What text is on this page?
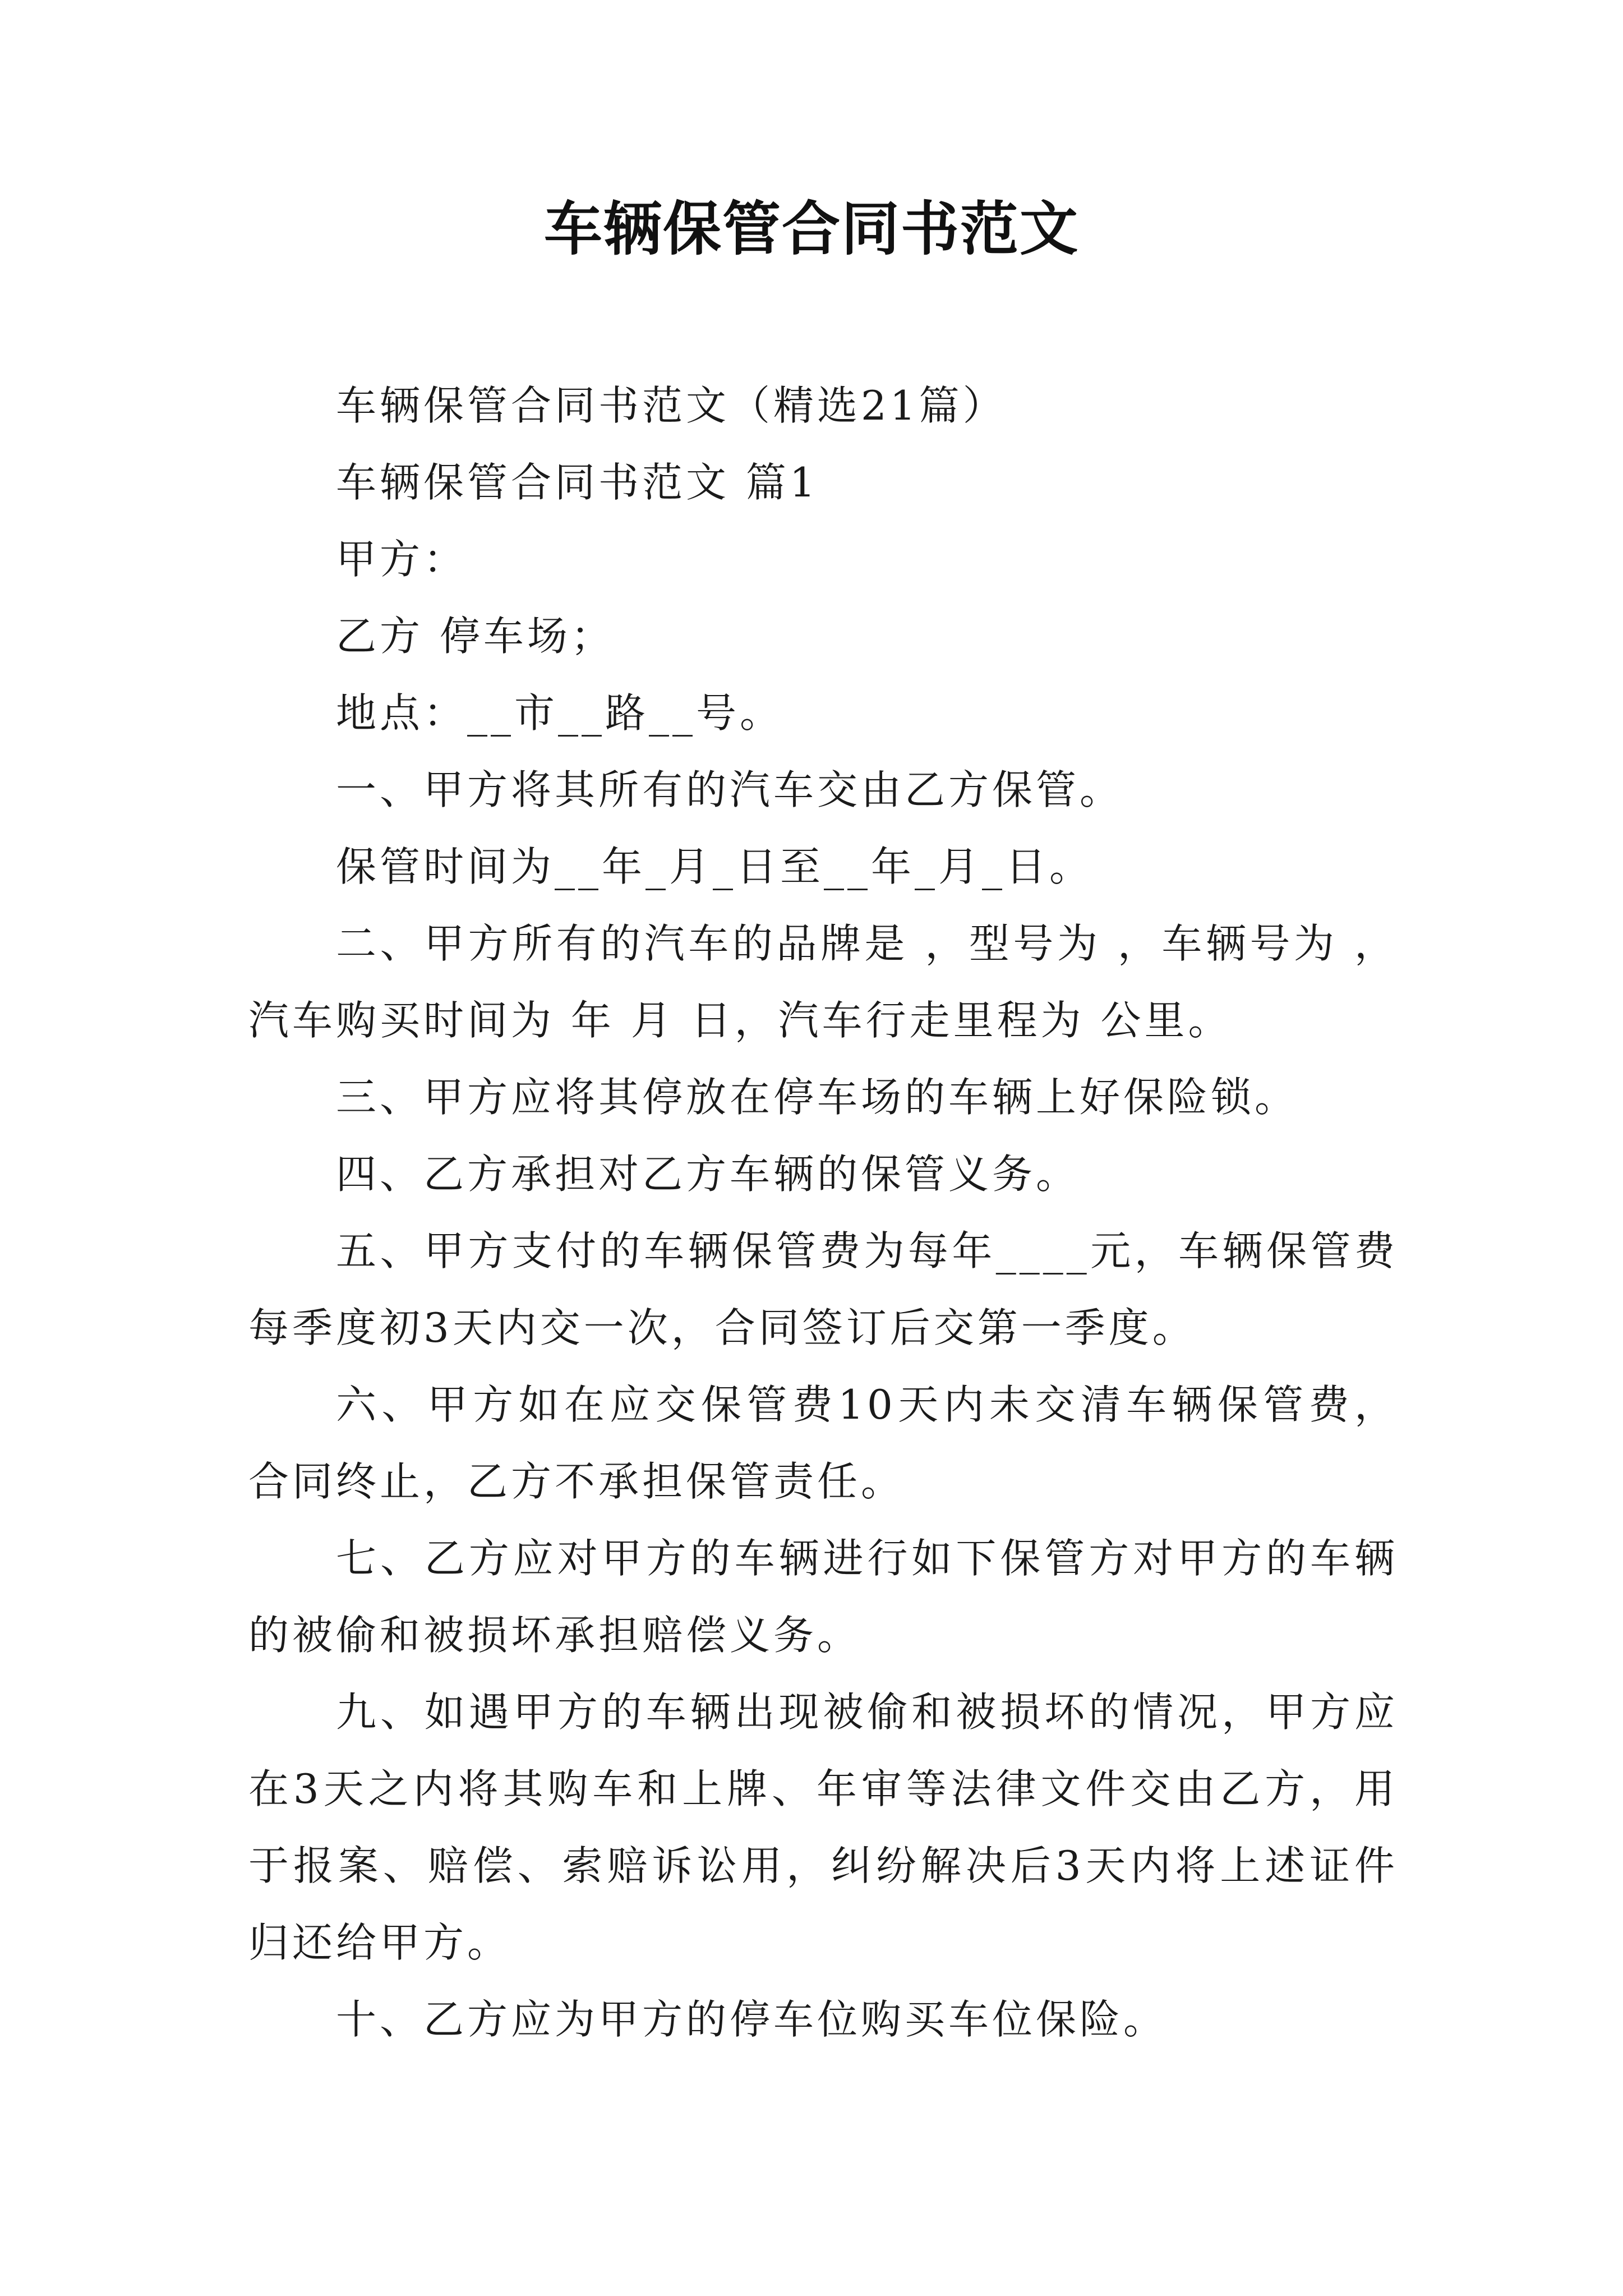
车辆保管合同书范文

车辆保管合同书范文（精选21篇）

车辆保管合同书范文 篇1

甲方：

乙方 停车场；

地点：__市__路__号。

一、甲方将其所有的汽车交由乙方保管。

保管时间为__年_月_日至__年_月_日。

二、甲方所有的汽车的品牌是 ，型号为 ，车辆号为 ，汽车购买时间为 年 月 日，汽车行走里程为 公里。

三、甲方应将其停放在停车场的车辆上好保险锁。

四、乙方承担对乙方车辆的保管义务。

五、甲方支付的车辆保管费为每年____元，车辆保管费每季度初3天内交一次，合同签订后交第一季度。

六、甲方如在应交保管费10天内未交清车辆保管费，合同终止，乙方不承担保管责任。

七、乙方应对甲方的车辆进行如下保管方对甲方的车辆的被偷和被损坏承担赔偿义务。

九、如遇甲方的车辆出现被偷和被损坏的情况，甲方应在3天之内将其购车和上牌、年审等法律文件交由乙方，用于报案、赔偿、索赔诉讼用，纠纷解决后3天内将上述证件归还给甲方。

十、乙方应为甲方的停车位购买车位保险。
